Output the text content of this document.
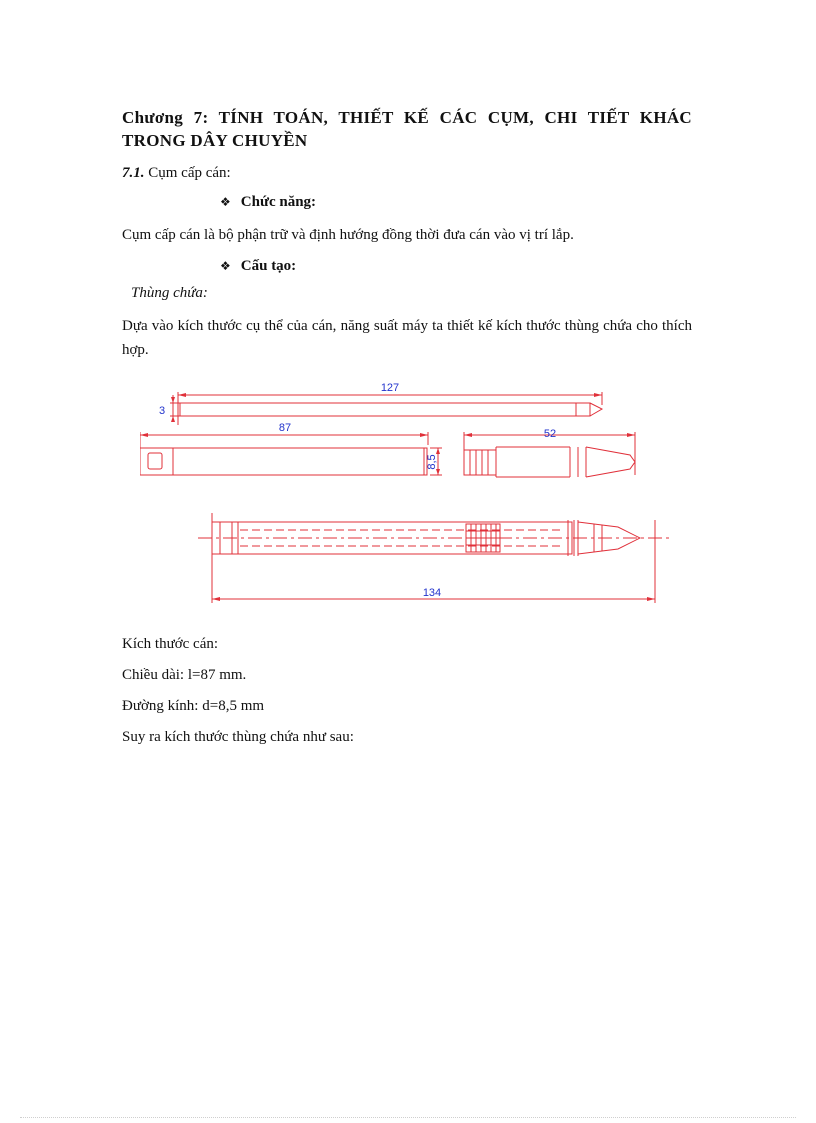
Chương 7: TÍNH TOÁN, THIẾT KẾ CÁC CỤM, CHI TIẾT KHÁC TRONG DÂY CHUYỀN
7.1. Cụm cấp cán:
❖ Chức năng:
Cụm cấp cán là bộ phận trữ và định hướng đồng thời đưa cán vào vị trí lắp.
❖ Cấu tạo:
Thùng chứa:
Dựa vào kích thước cụ thể của cán, năng suất máy ta thiết kế kích thước thùng chứa cho thích hợp.
127
3
87
8,5
52
134
Kích thước cán:
Chiều dài: l=87 mm.
Đường kính: d=8,5 mm
Suy ra kích thước thùng chứa như sau:
